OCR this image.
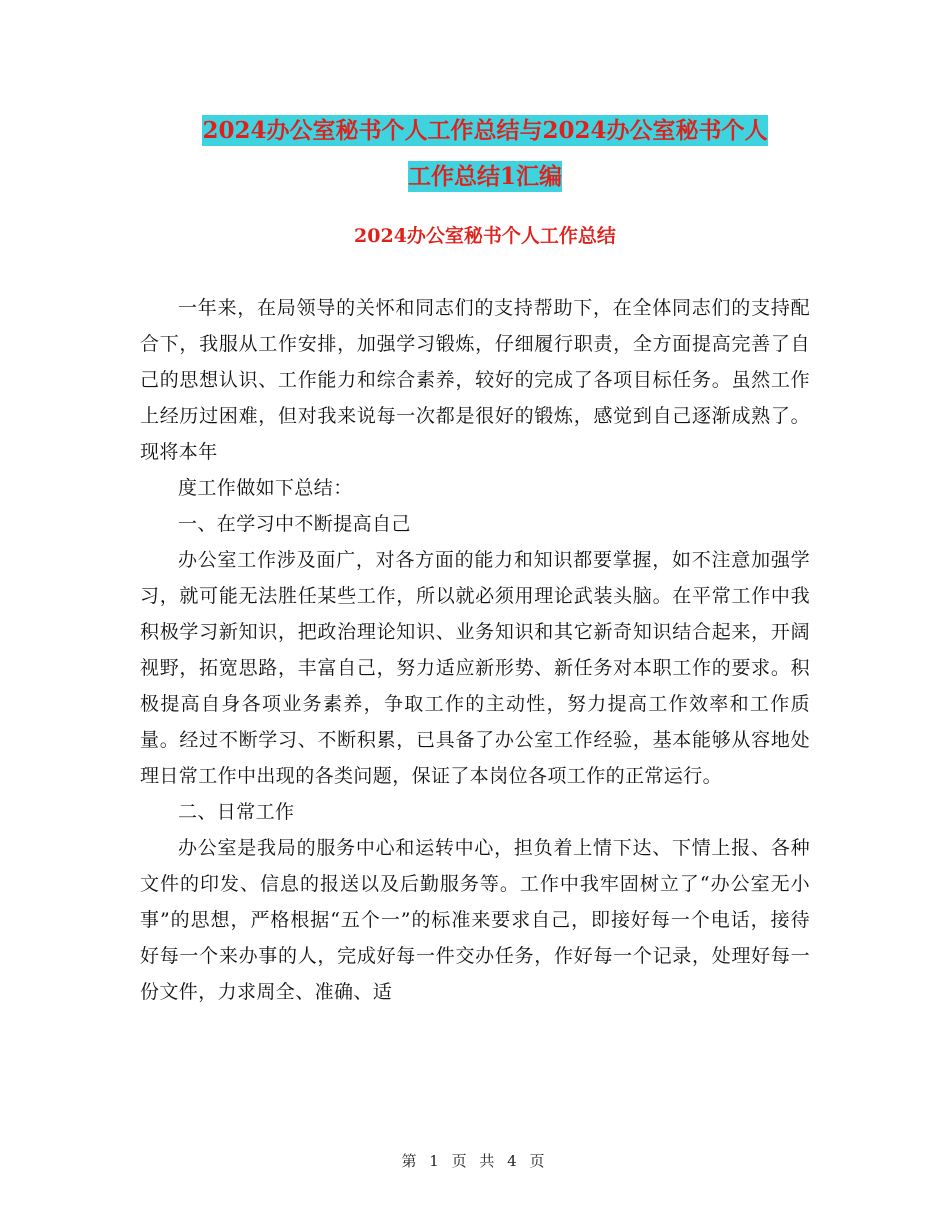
2024办公室秘书个人工作总结与2024办公室秘书个人
工作总结1汇编
2024办公室秘书个人工作总结

一年来，在局领导的关怀和同志们的支持帮助下，在全体同志们的支持配合下，我服从工作安排，加强学习锻炼，仔细履行职责，全方面提高完善了自己的思想认识、工作能力和综合素养，较好的完成了各项目标任务。虽然工作上经历过困难，但对我来说每一次都是很好的锻炼，感觉到自己逐渐成熟了。现将本年

度工作做如下总结：

一、在学习中不断提高自己

办公室工作涉及面广，对各方面的能力和知识都要掌握，如不注意加强学习，就可能无法胜任某些工作，所以就必须用理论武装头脑。在平常工作中我积极学习新知识，把政治理论知识、业务知识和其它新奇知识结合起来，开阔视野，拓宽思路，丰富自己，努力适应新形势、新任务对本职工作的要求。积极提高自身各项业务素养，争取工作的主动性，努力提高工作效率和工作质量。经过不断学习、不断积累，已具备了办公室工作经验，基本能够从容地处理日常工作中出现的各类问题，保证了本岗位各项工作的正常运行。

二、日常工作

办公室是我局的服务中心和运转中心，担负着上情下达、下情上报、各种文件的印发、信息的报送以及后勤服务等。工作中我牢固树立了“办公室无小事”的思想，严格根据“五个一”的标准来要求自己，即接好每一个电话，接待好每一个来办事的人，完成好每一件交办任务，作好每一个记录，处理好每一份文件，力求周全、准确、适

第 1 页 共 4 页
